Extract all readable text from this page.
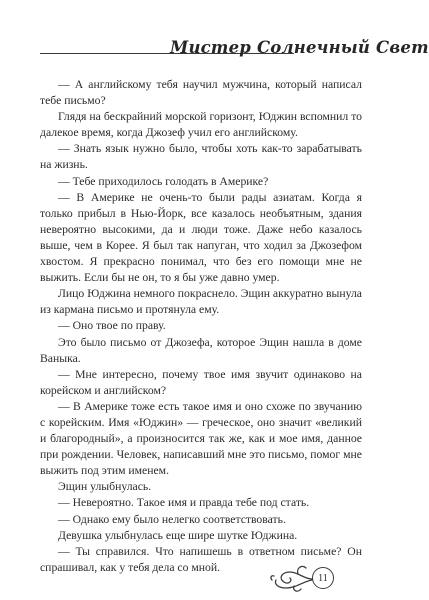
Мистер Солнечный Свет

— А английскому тебя научил мужчина, который написал тебе письмо?

Глядя на бескрайний морской горизонт, Юджин вспомнил то далекое время, когда Джозеф учил его английскому.

— Знать язык нужно было, чтобы хоть как-то зарабатывать на жизнь.

— Тебе приходилось голодать в Америке?

— В Америке не очень-то были рады азиатам. Когда я только прибыл в Нью-Йорк, все казалось необъятным, здания невероятно высокими, да и люди тоже. Даже небо казалось выше, чем в Корее. Я был так напуган, что ходил за Джозефом хвостом. Я прекрасно понимал, что без его помощи мне не выжить. Если бы не он, то я бы уже давно умер.

Лицо Юджина немного покраснело. Эщин аккуратно вынула из кармана письмо и протянула ему.

— Оно твое по праву.

Это было письмо от Джозефа, которое Эщин нашла в доме Ваныка.

— Мне интересно, почему твое имя звучит одинаково на корейском и английском?

— В Америке тоже есть такое имя и оно схоже по звучанию с корейским. Имя «Юджин» — греческое, оно значит «великий и благородный», а произносится так же, как и мое имя, данное при рождении. Человек, написавший мне это письмо, помог мне выжить под этим именем.

Эщин улыбнулась.

— Невероятно. Такое имя и правда тебе под стать.

— Однако ему было нелегко соответствовать.

Девушка улыбнулась еще шире шутке Юджина.

— Ты справился. Что напишешь в ответном письме? Он спрашивал, как у тебя дела со мной.

11
